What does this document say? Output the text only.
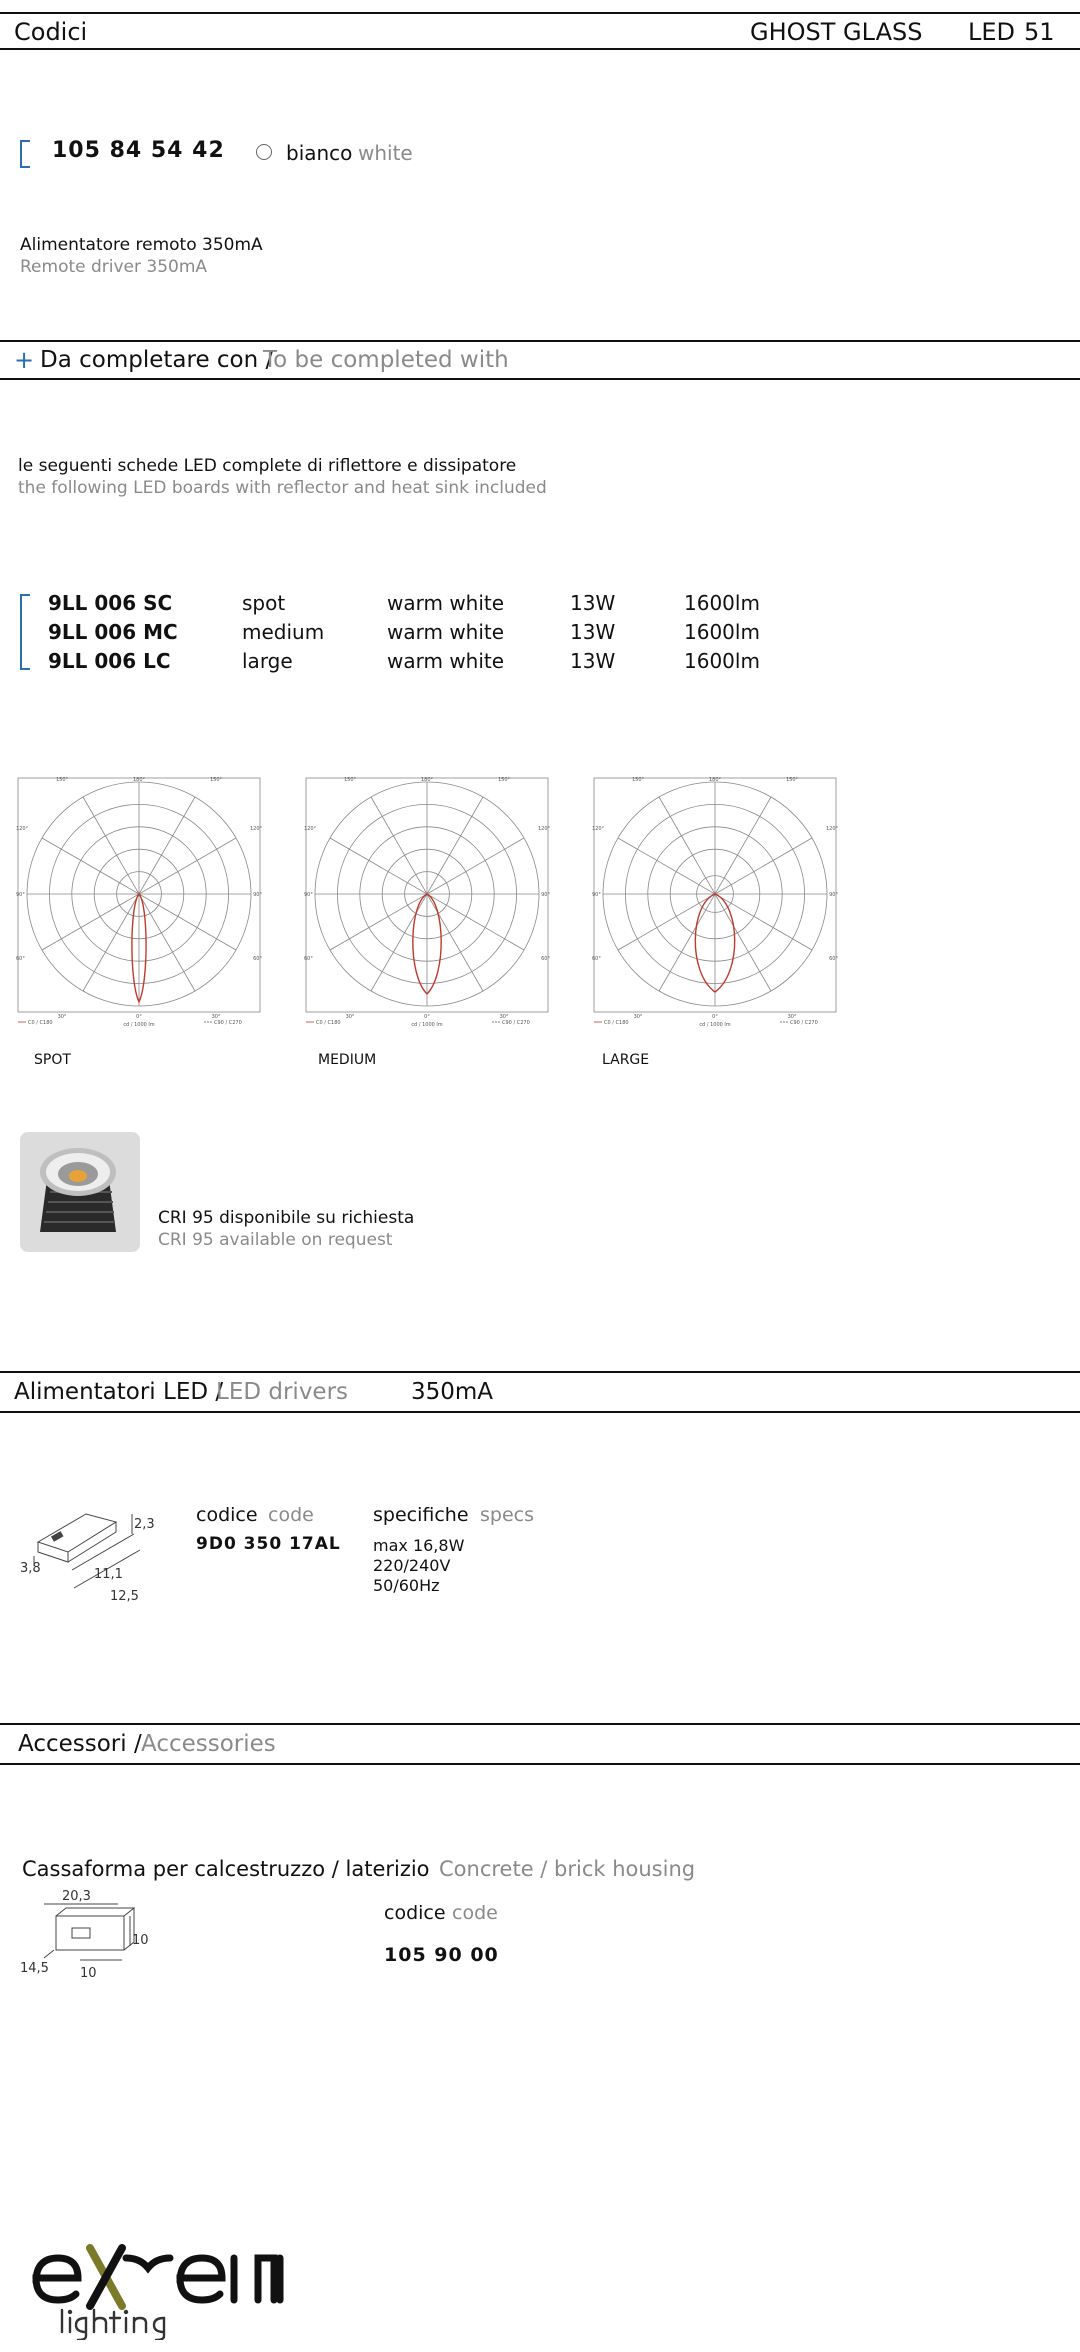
Codici	GHOST GLASS LED 51
105 84 54 42	bianco white
Alimentatore remoto 350mA
Remote driver 350mA
+ Da completare con /
To be completed with
le seguenti schede LED complete di riflettore e dissipatore
the following LED boards with reflector and heat sink included
9LL 006 SC	spot	warm white	13W	1600lm
9LL 006 MC	medium	warm white	13W	1600lm
9LL 006 LC	large	warm white	13W	1600lm
150°	180°	150°
120°	120°
90°	90°
60°	60°
30°	0°	30°
C0 / C180	C90 / C270
cd / 1000 lm
150°	180°	150°
120°	120°
90°	90°
60°	60°
30°	0°	30°
C0 / C180	C90 / C270
cd / 1000 lm
150°	180°	150°
120°	120°
90°	90°
60°	60°
30°	0°	30°
C0 / C180	C90 / C270
cd / 1000 lm
SPOT	MEDIUM	LARGE
CRI 95 disponibile su richiesta
CRI 95 available on request
Alimentatori LED /
LED drivers	350mA
2,3
3,8	11,1
12,5
codice code
9D0 350 17AL
specifiche specs
max 16,8W
220/240V
50/60Hz
Accessori / Accessories
Cassaforma per calcestruzzo / laterizio Concrete / brick housing
20,3
10
14,5 10
codice code
105 90 00
